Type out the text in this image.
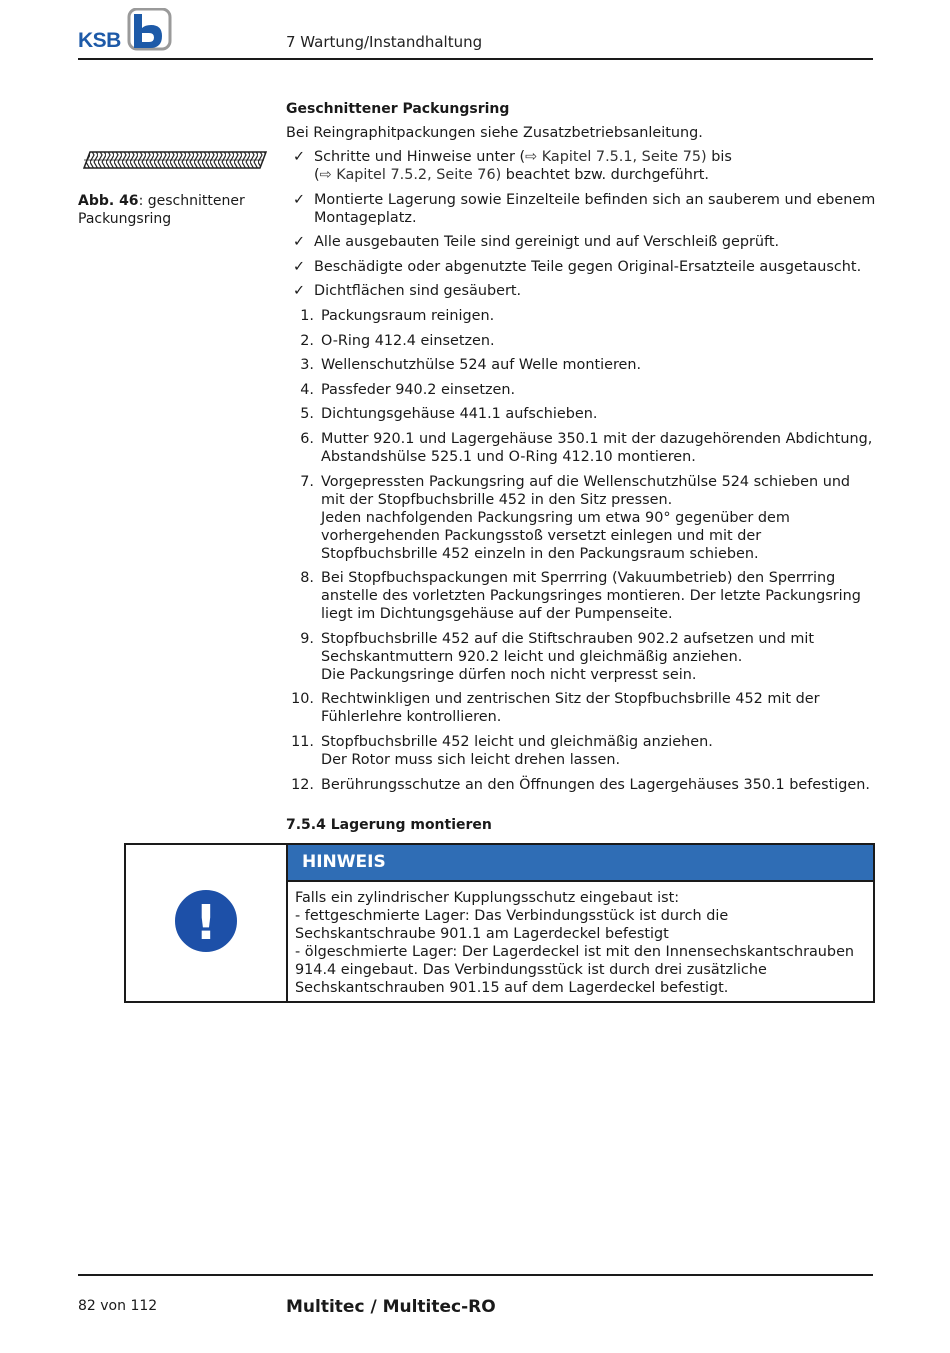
KSB	7 Wartung/Instandhaltung
Abb. 46: geschnittener Packungsring
Geschnittener Packungsring
Bei Reingraphitpackungen siehe Zusatzbetriebsanleitung.
✓ Schritte und Hinweise unter (⇨ Kapitel 7.5.1, Seite 75) bis
(⇨ Kapitel 7.5.2, Seite 76) beachtet bzw. durchgeführt.
✓ Montierte Lagerung sowie Einzelteile befinden sich an sauberem und ebenem Montageplatz.
✓ Alle ausgebauten Teile sind gereinigt und auf Verschleiß geprüft.
✓ Beschädigte oder abgenutzte Teile gegen Original-Ersatzteile ausgetauscht.
✓ Dichtflächen sind gesäubert.
1. Packungsraum reinigen.
2. O-Ring 412.4 einsetzen.
3. Wellenschutzhülse 524 auf Welle montieren.
4. Passfeder 940.2 einsetzen.
5. Dichtungsgehäuse 441.1 aufschieben.
6. Mutter 920.1 und Lagergehäuse 350.1 mit der dazugehörenden Abdichtung, Abstandshülse 525.1 und O-Ring 412.10 montieren.
7. Vorgepressten Packungsring auf die Wellenschutzhülse 524 schieben und mit der Stopfbuchsbrille 452 in den Sitz pressen.
Jeden nachfolgenden Packungsring um etwa 90° gegenüber dem vorhergehenden Packungsstoß versetzt einlegen und mit der Stopfbuchsbrille 452 einzeln in den Packungsraum schieben.
8. Bei Stopfbuchspackungen mit Sperrring (Vakuumbetrieb) den Sperrring anstelle des vorletzten Packungsringes montieren. Der letzte Packungsring liegt im Dichtungsgehäuse auf der Pumpenseite.
9. Stopfbuchsbrille 452 auf die Stiftschrauben 902.2 aufsetzen und mit Sechskantmuttern 920.2 leicht und gleichmäßig anziehen.
Die Packungsringe dürfen noch nicht verpresst sein.
10. Rechtwinkligen und zentrischen Sitz der Stopfbuchsbrille 452 mit der Fühlerlehre kontrollieren.
11. Stopfbuchsbrille 452 leicht und gleichmäßig anziehen.
Der Rotor muss sich leicht drehen lassen.
12. Berührungsschutze an den Öffnungen des Lagergehäuses 350.1 befestigen.
7.5.4 Lagerung montieren
!
HINWEIS
Falls ein zylindrischer Kupplungsschutz eingebaut ist:
- fettgeschmierte Lager: Das Verbindungsstück ist durch die Sechskantschraube 901.1 am Lagerdeckel befestigt
- ölgeschmierte Lager: Der Lagerdeckel ist mit den Innensechskantschrauben 914.4 eingebaut. Das Verbindungsstück ist durch drei zusätzliche Sechskantschrauben 901.15 auf dem Lagerdeckel befestigt.
82 von 112	Multitec / Multitec-RO
